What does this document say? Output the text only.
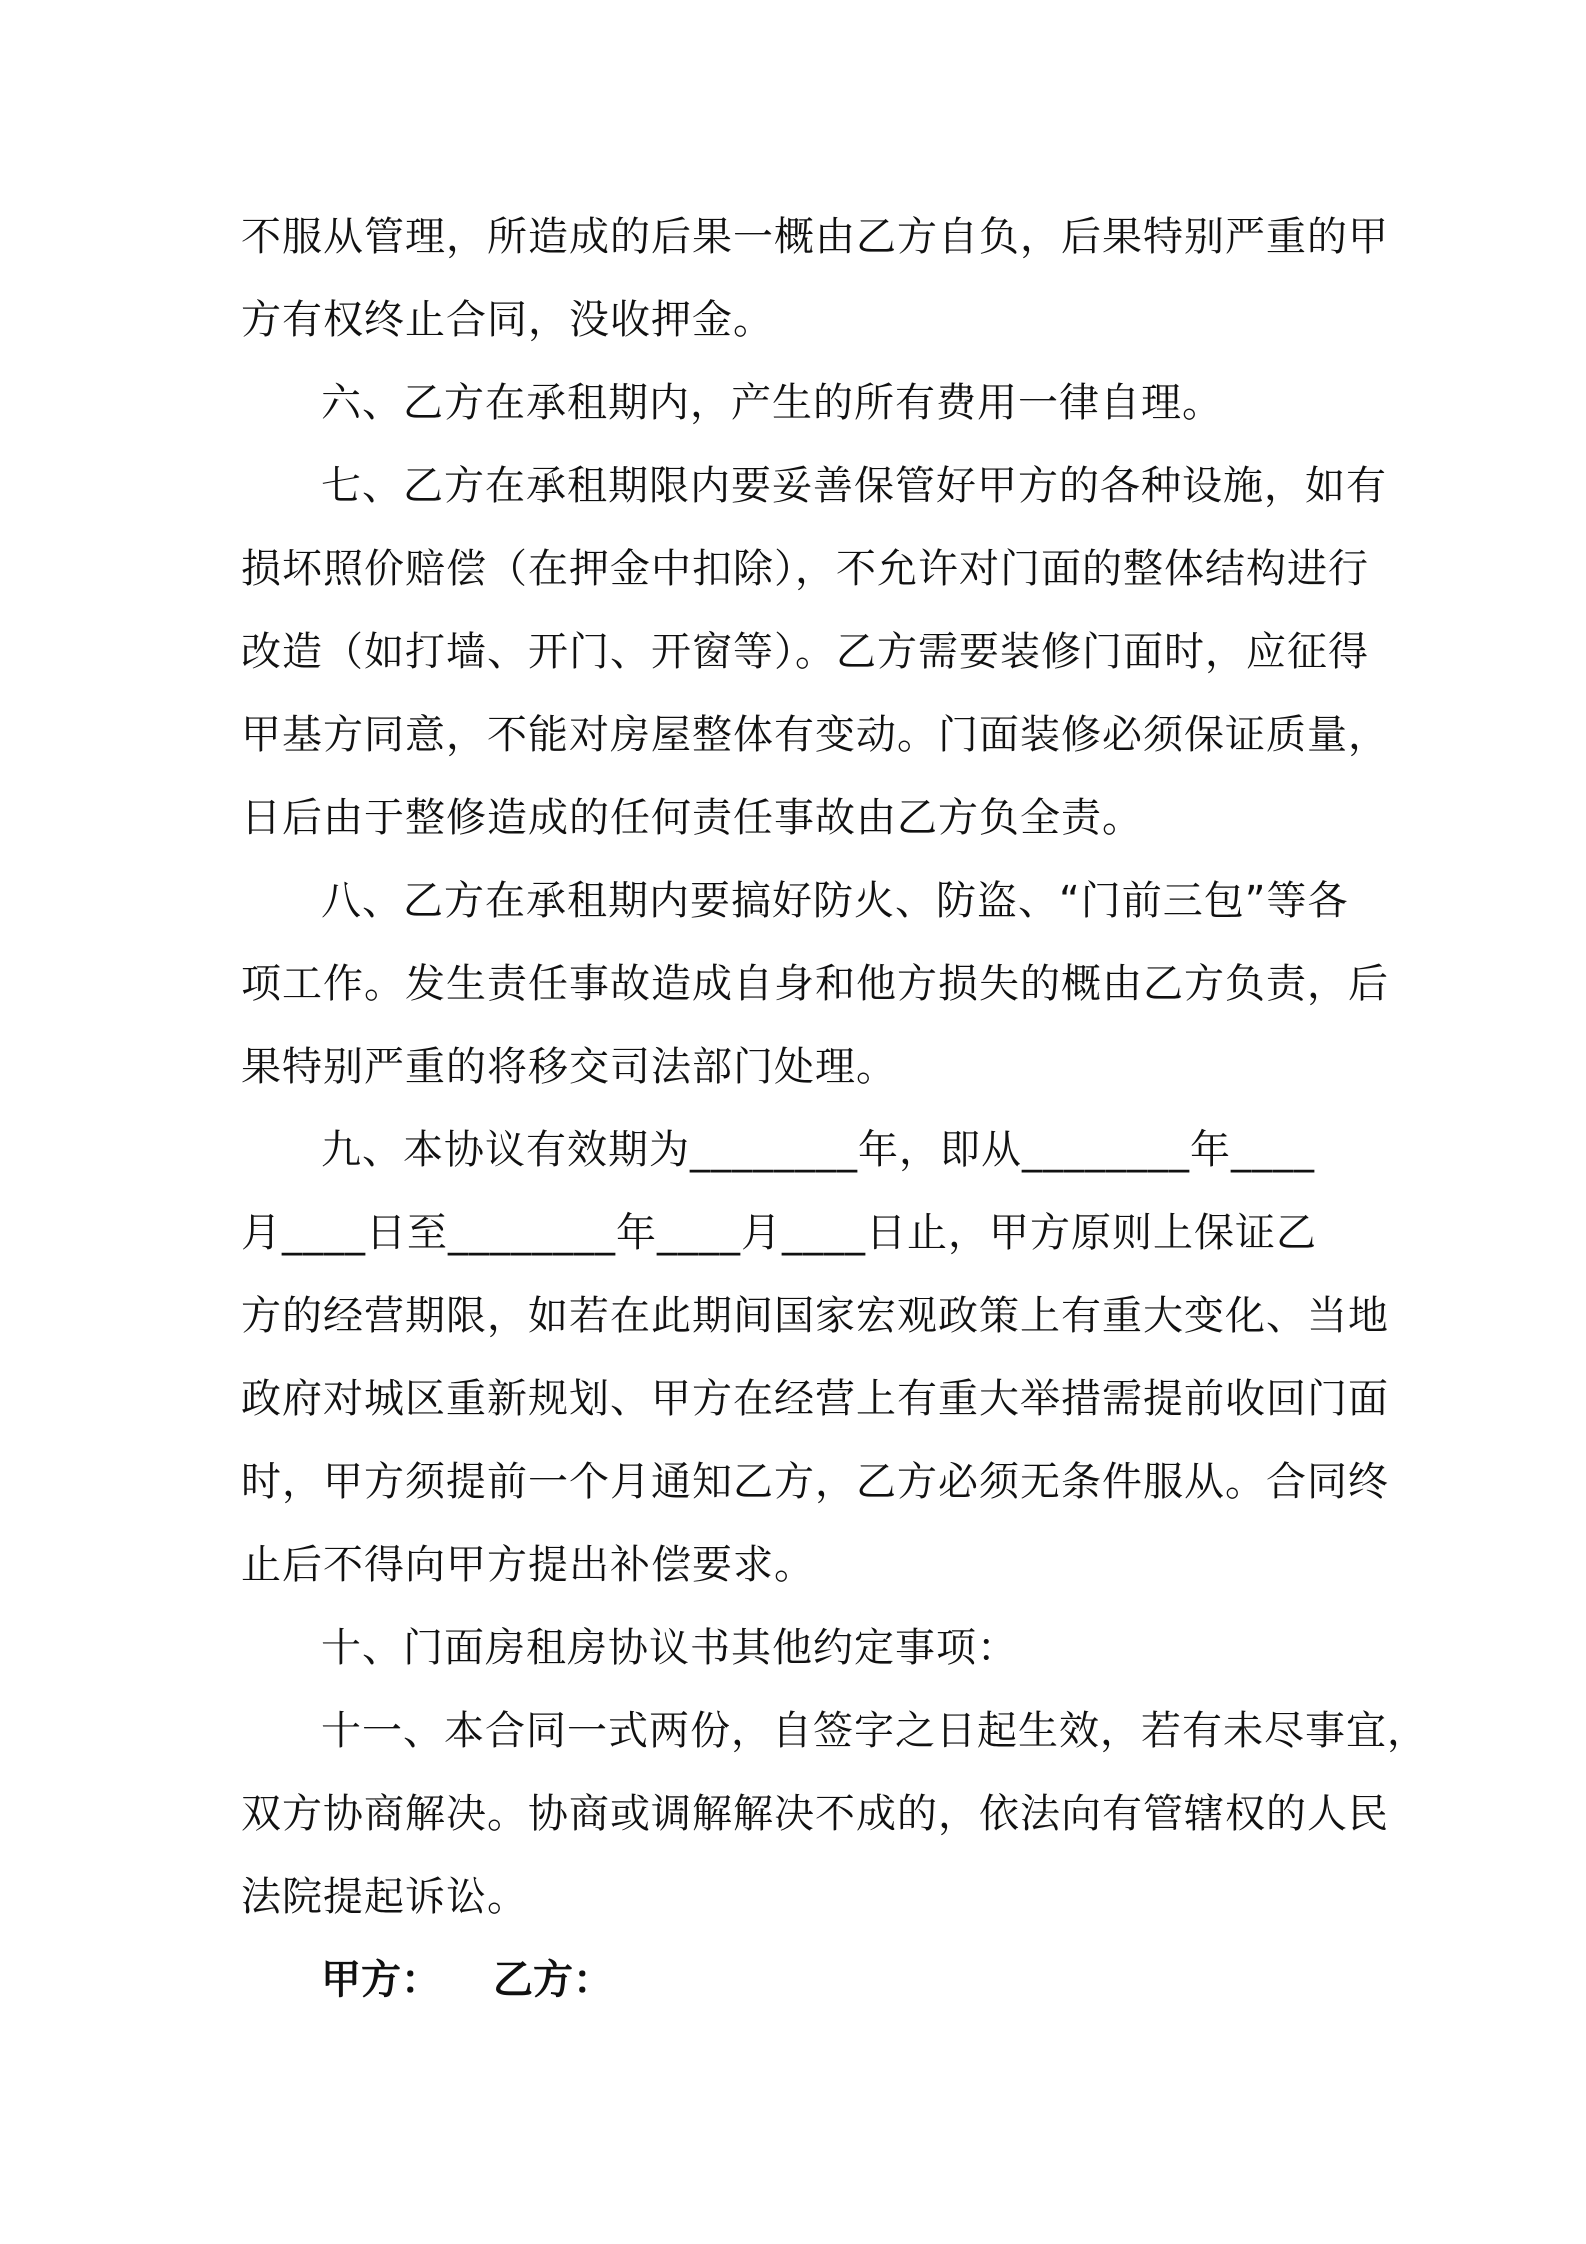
不服从管理，所造成的后果一概由乙方自负，后果特别严重的甲
方有权终止合同，没收押金。

六、乙方在承租期内，产生的所有费用一律自理。

七、乙方在承租期限内要妥善保管好甲方的各种设施，如有
损坏照价赔偿（在押金中扣除），不允许对门面的整体结构进行
改造（如打墙、开门、开窗等）。乙方需要装修门面时，应征得
甲基方同意，不能对房屋整体有变动。门面装修必须保证质量，
日后由于整修造成的任何责任事故由乙方负全责。

八、乙方在承租期内要搞好防火、防盗、“门前三包”等各
项工作。发生责任事故造成自身和他方损失的概由乙方负责，后
果特别严重的将移交司法部门处理。

九、本协议有效期为________年，即从________年____
月____日至________年____月____日止，甲方原则上保证乙
方的经营期限，如若在此期间国家宏观政策上有重大变化、当地
政府对城区重新规划、甲方在经营上有重大举措需提前收回门面
时，甲方须提前一个月通知乙方，乙方必须无条件服从。合同终
止后不得向甲方提出补偿要求。

十、门面房租房协议书其他约定事项：

十一、本合同一式两份，自签字之日起生效，若有未尽事宜，
双方协商解决。协商或调解解决不成的，依法向有管辖权的人民
法院提起诉讼。

甲方： 乙方：
